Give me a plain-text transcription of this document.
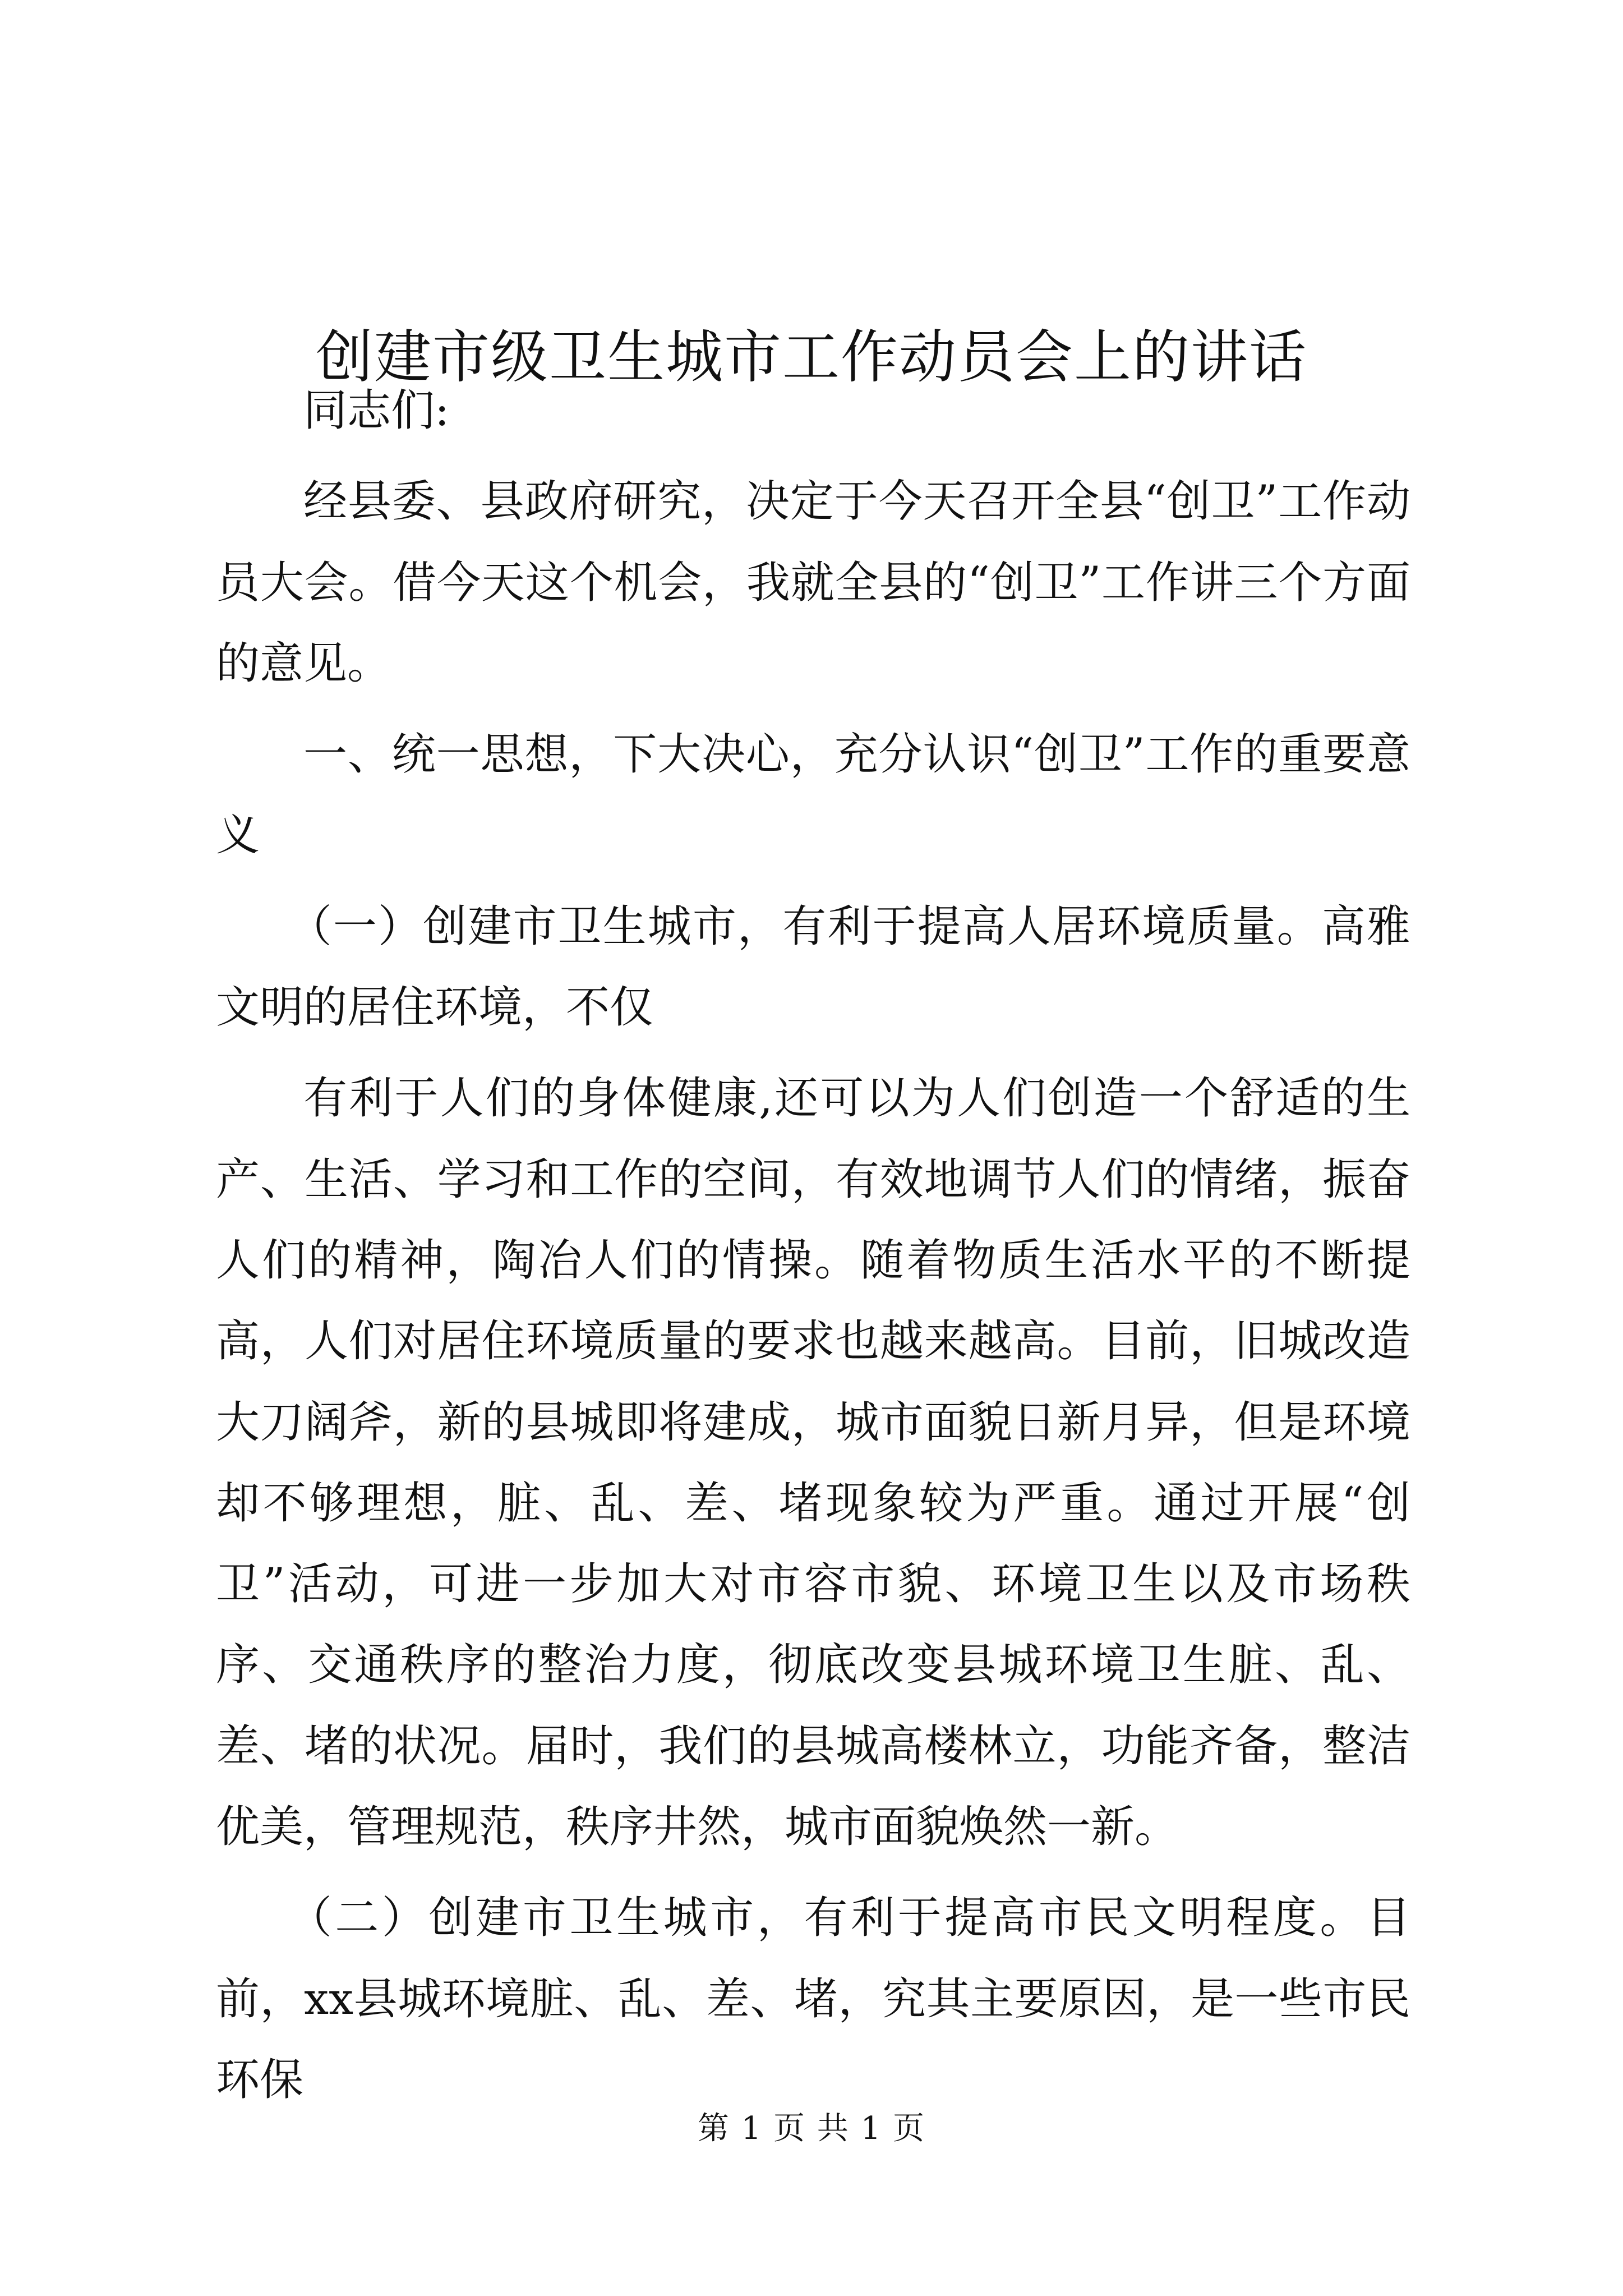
创建市级卫生城市工作动员会上的讲话

同志们:

经县委、县政府研究，决定于今天召开全县“创卫”工作动员大会。借今天这个机会，我就全县的“创卫”工作讲三个方面的意见。

一、统一思想，下大决心，充分认识“创卫”工作的重要意义

（一）创建市卫生城市，有利于提高人居环境质量。高雅文明的居住环境，不仅

有利于人们的身体健康,还可以为人们创造一个舒适的生产、生活、学习和工作的空间，有效地调节人们的情绪，振奋人们的精神，陶冶人们的情操。随着物质生活水平的不断提高，人们对居住环境质量的要求也越来越高。目前，旧城改造大刀阔斧，新的县城即将建成，城市面貌日新月异，但是环境却不够理想，脏、乱、差、堵现象较为严重。通过开展“创卫”活动，可进一步加大对市容市貌、环境卫生以及市场秩序、交通秩序的整治力度，彻底改变县城环境卫生脏、乱、差、堵的状况。届时，我们的县城高楼林立，功能齐备，整洁优美，管理规范，秩序井然，城市面貌焕然一新。

（二）创建市卫生城市，有利于提高市民文明程度。目前，xx县城环境脏、乱、差、堵，究其主要原因，是一些市民环保

第 1 页 共 1 页
